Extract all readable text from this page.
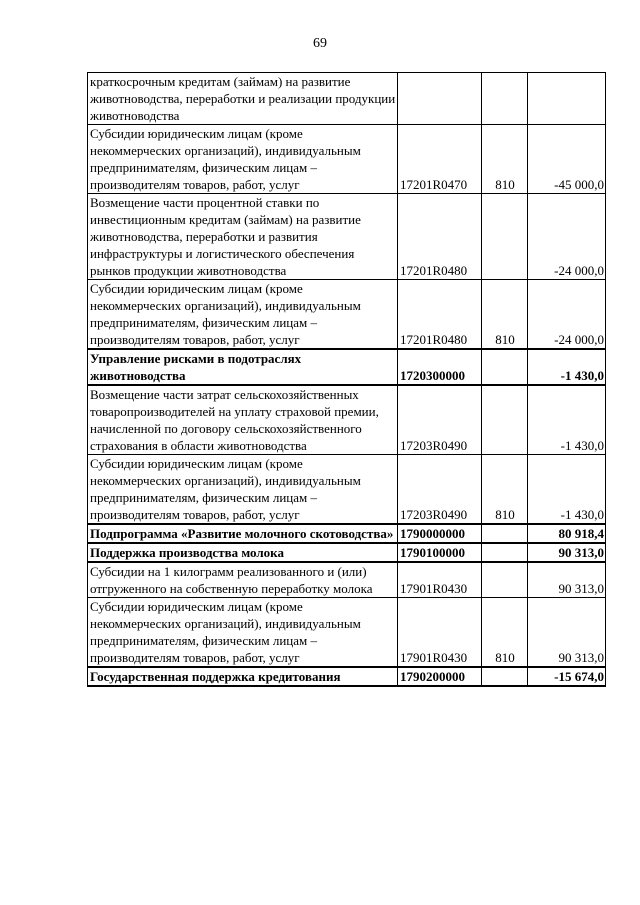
69
краткосрочным кредитам (займам) на развитие животноводства, переработки и реализации продукции животноводства			
Субсидии юридическим лицам (кроме некоммерческих организаций), индивидуальным предпринимателям, физическим лицам – производителям товаров, работ, услуг	17201R0470	810	-45 000,0
Возмещение части процентной ставки по инвестиционным кредитам (займам) на развитие животноводства, переработки и развития инфраструктуры и логистического обеспечения рынков продукции животноводства	17201R0480		-24 000,0
Субсидии юридическим лицам (кроме некоммерческих организаций), индивидуальным предпринимателям, физическим лицам – производителям товаров, работ, услуг	17201R0480	810	-24 000,0
Управление рисками в подотраслях животноводства	1720300000		-1 430,0
Возмещение части затрат сельскохозяйственных товаропроизводителей на уплату страховой премии, начисленной по договору сельскохозяйственного страхования в области животноводства	17203R0490		-1 430,0
Субсидии юридическим лицам (кроме некоммерческих организаций), индивидуальным предпринимателям, физическим лицам – производителям товаров, работ, услуг	17203R0490	810	-1 430,0
Подпрограмма «Развитие молочного скотоводства»	1790000000		80 918,4
Поддержка производства молока	1790100000		90 313,0
Субсидии на 1 килограмм реализованного и (или) отгруженного на собственную переработку молока	17901R0430		90 313,0
Субсидии юридическим лицам (кроме некоммерческих организаций), индивидуальным предпринимателям, физическим лицам – производителям товаров, работ, услуг	17901R0430	810	90 313,0
Государственная поддержка кредитования	1790200000		-15 674,0
